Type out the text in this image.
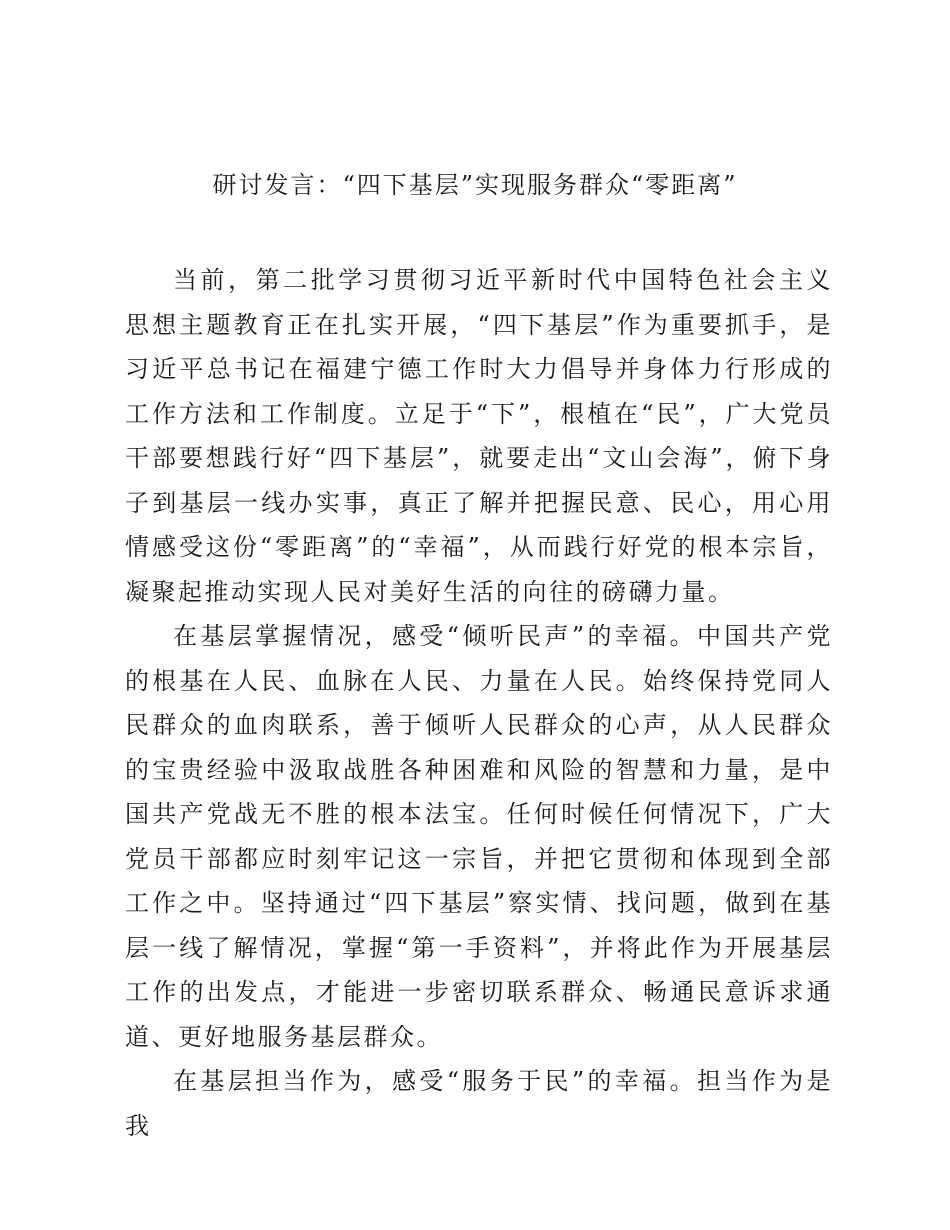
研讨发言：“四下基层”实现服务群众“零距离”

当前，第二批学习贯彻习近平新时代中国特色社会主义思想主题教育正在扎实开展，“四下基层”作为重要抓手，是习近平总书记在福建宁德工作时大力倡导并身体力行形成的工作方法和工作制度。立足于“下”，根植在“民”，广大党员干部要想践行好“四下基层”，就要走出“文山会海”，俯下身子到基层一线办实事，真正了解并把握民意、民心，用心用情感受这份“零距离”的“幸福”，从而践行好党的根本宗旨，凝聚起推动实现人民对美好生活的向往的磅礴力量。

在基层掌握情况，感受“倾听民声”的幸福。中国共产党的根基在人民、血脉在人民、力量在人民。始终保持党同人民群众的血肉联系，善于倾听人民群众的心声，从人民群众的宝贵经验中汲取战胜各种困难和风险的智慧和力量，是中国共产党战无不胜的根本法宝。任何时候任何情况下，广大党员干部都应时刻牢记这一宗旨，并把它贯彻和体现到全部工作之中。坚持通过“四下基层”察实情、找问题，做到在基层一线了解情况，掌握“第一手资料”，并将此作为开展基层工作的出发点，才能进一步密切联系群众、畅通民意诉求通道、更好地服务基层群众。

在基层担当作为，感受“服务于民”的幸福。担当作为是我
